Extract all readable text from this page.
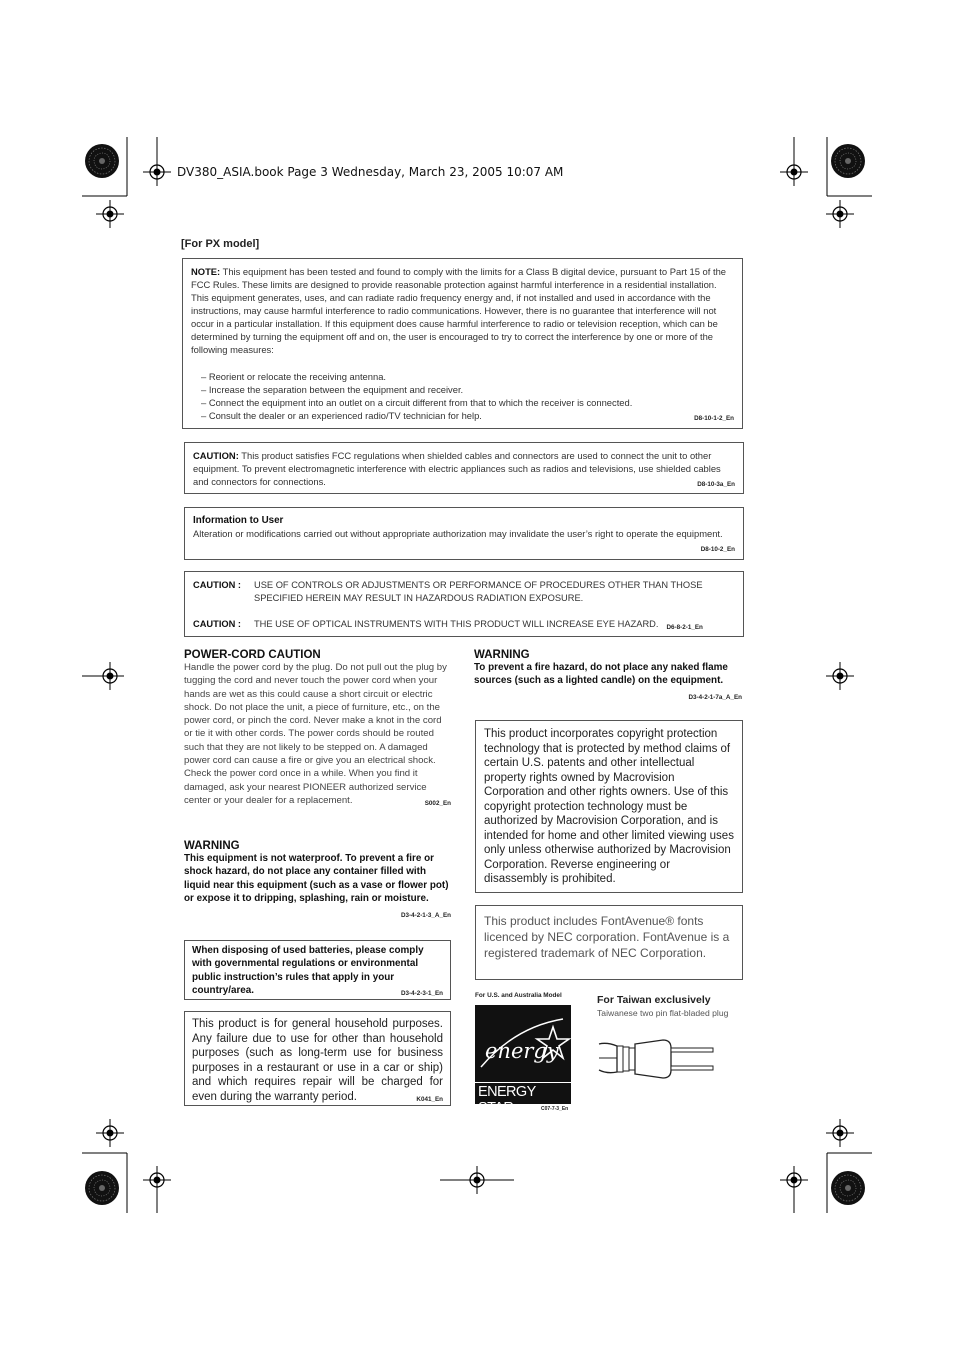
DV380_ASIA.book Page 3 Wednesday, March 23, 2005 10:07 AM
[For PX model]
NOTE: This equipment has been tested and found to comply with the limits for a Class B digital device, pursuant to Part 15 of the FCC Rules. These limits are designed to provide reasonable protection against harmful interference in a residential installation. This equipment generates, uses, and can radiate radio frequency energy and, if not installed and used in accordance with the instructions, may cause harmful interference to radio communications. However, there is no guarantee that interference will not occur in a particular installation. If this equipment does cause harmful interference to radio or television reception, which can be determined by turning the equipment off and on, the user is encouraged to try to correct the interference by one or more of the following measures:
– Reorient or relocate the receiving antenna.
– Increase the separation between the equipment and receiver.
– Connect the equipment into an outlet on a circuit different from that to which the receiver is connected.
– Consult the dealer or an experienced radio/TV technician for help.	D8-10-1-2_En
CAUTION: This product satisfies FCC regulations when shielded cables and connectors are used to connect the unit to other equipment. To prevent electromagnetic interference with electric appliances such as radios and televisions, use shielded cables and connectors for connections.	D8-10-3a_En
Information to User
Alteration or modifications carried out without appropriate authorization may invalidate the user’s right to operate the equipment.
D8-10-2_En
CAUTION :	USE OF CONTROLS OR ADJUSTMENTS OR PERFORMANCE OF PROCEDURES OTHER THAN THOSE SPECIFIED HEREIN MAY RESULT IN HAZARDOUS RADIATION EXPOSURE.
CAUTION :	THE USE OF OPTICAL INSTRUMENTS WITH THIS PRODUCT WILL INCREASE EYE HAZARD. D6-8-2-1_En
POWER-CORD CAUTION
Handle the power cord by the plug. Do not pull out the plug by tugging the cord and never touch the power cord when your hands are wet as this could cause a short circuit or electric shock. Do not place the unit, a piece of furniture, etc., on the power cord, or pinch the cord. Never make a knot in the cord or tie it with other cords. The power cords should be routed such that they are not likely to be stepped on. A damaged power cord can cause a fire or give you an electrical shock. Check the power cord once in a while. When you find it damaged, ask your nearest PIONEER authorized service center or your dealer for a replacement.	S002_En
WARNING
This equipment is not waterproof. To prevent a fire or shock hazard, do not place any container filled with liquid near this equipment (such as a vase or flower pot) or expose it to dripping, splashing, rain or moisture.
D3-4-2-1-3_A_En
When disposing of used batteries, please comply with governmental regulations or environmental public instruction’s rules that apply in your country/area.	D3-4-2-3-1_En
This product is for general household purposes. Any failure due to use for other than household purposes (such as long-term use for business purposes in a restaurant or use in a car or ship) and which requires repair will be charged for even during the warranty period.	K041_En
WARNING
To prevent a fire hazard, do not place any naked flame sources (such as a lighted candle) on the equipment.
D3-4-2-1-7a_A_En
This product incorporates copyright protection technology that is protected by method claims of certain U.S. patents and other intellectual property rights owned by Macrovision Corporation and other rights owners. Use of this copyright protection technology must be authorized by Macrovision Corporation, and is intended for home and other limited viewing uses only unless otherwise authorized by Macrovision Corporation. Reverse engineering or disassembly is prohibited.
This product includes FontAvenue® fonts licenced by NEC corporation. FontAvenue is a registered trademark of NEC Corporation.
For U.S. and Australia Model
energy
ENERGY STAR	C07-7-3_En
For Taiwan exclusively
Taiwanese two pin flat-bladed plug
